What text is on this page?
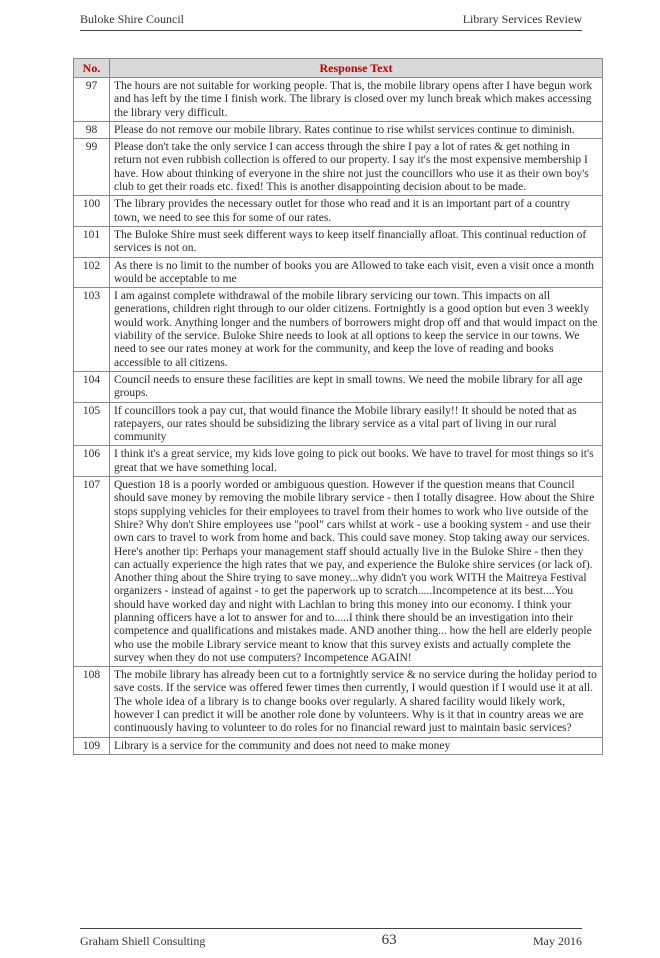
Buloke Shire Council	Library Services Review
No.	Response Text
97	The hours are not suitable for working people. That is, the mobile library opens after I have begun work and has left by the time I finish work. The library is closed over my lunch break which makes accessing the library very difficult.
98	Please do not remove our mobile library. Rates continue to rise whilst services continue to diminish.
99	Please don't take the only service I can access through the shire I pay a lot of rates & get nothing in return not even rubbish collection is offered to our property. I say it's the most expensive membership I have. How about thinking of everyone in the shire not just the councillors who use it as their own boy's club to get their roads etc. fixed! This is another disappointing decision about to be made.
100	The library provides the necessary outlet for those who read and it is an important part of a country town, we need to see this for some of our rates.
101	The Buloke Shire must seek different ways to keep itself financially afloat. This continual reduction of services is not on.
102	As there is no limit to the number of books you are Allowed to take each visit, even a visit once a month would be acceptable to me
103	I am against complete withdrawal of the mobile library servicing our town. This impacts on all generations, children right through to our older citizens. Fortnightly is a good option but even 3 weekly would work. Anything longer and the numbers of borrowers might drop off and that would impact on the viability of the service. Buloke Shire needs to look at all options to keep the service in our towns. We need to see our rates money at work for the community, and keep the love of reading and books accessible to all citizens.
104	Council needs to ensure these facilities are kept in small towns. We need the mobile library for all age groups.
105	If councillors took a pay cut, that would finance the Mobile library easily!! It should be noted that as ratepayers, our rates should be subsidizing the library service as a vital part of living in our rural community
106	I think it's a great service, my kids love going to pick out books. We have to travel for most things so it's great that we have something local.
107	Question 18 is a poorly worded or ambiguous question. However if the question means that Council should save money by removing the mobile library service - then I totally disagree. How about the Shire stops supplying vehicles for their employees to travel from their homes to work who live outside of the Shire? Why don't Shire employees use "pool" cars whilst at work - use a booking system - and use their own cars to travel to work from home and back. This could save money. Stop taking away our services. Here's another tip: Perhaps your management staff should actually live in the Buloke Shire - then they can actually experience the high rates that we pay, and experience the Buloke shire services (or lack of). Another thing about the Shire trying to save money...why didn't you work WITH the Maitreya Festival organizers - instead of against - to get the paperwork up to scratch.....Incompetence at its best....You should have worked day and night with Lachlan to bring this money into our economy. I think your planning officers have a lot to answer for and to.....I think there should be an investigation into their competence and qualifications and mistakes made. AND another thing... how the hell are elderly people who use the mobile Library service meant to know that this survey exists and actually complete the survey when they do not use computers? Incompetence AGAIN!
108	The mobile library has already been cut to a fortnightly service & no service during the holiday period to save costs. If the service was offered fewer times then currently, I would question if I would use it at all. The whole idea of a library is to change books over regularly. A shared facility would likely work, however I can predict it will be another role done by volunteers. Why is it that in country areas we are continuously having to volunteer to do roles for no financial reward just to maintain basic services?
109	Library is a service for the community and does not need to make money
Graham Shiell Consulting	63	May 2016
